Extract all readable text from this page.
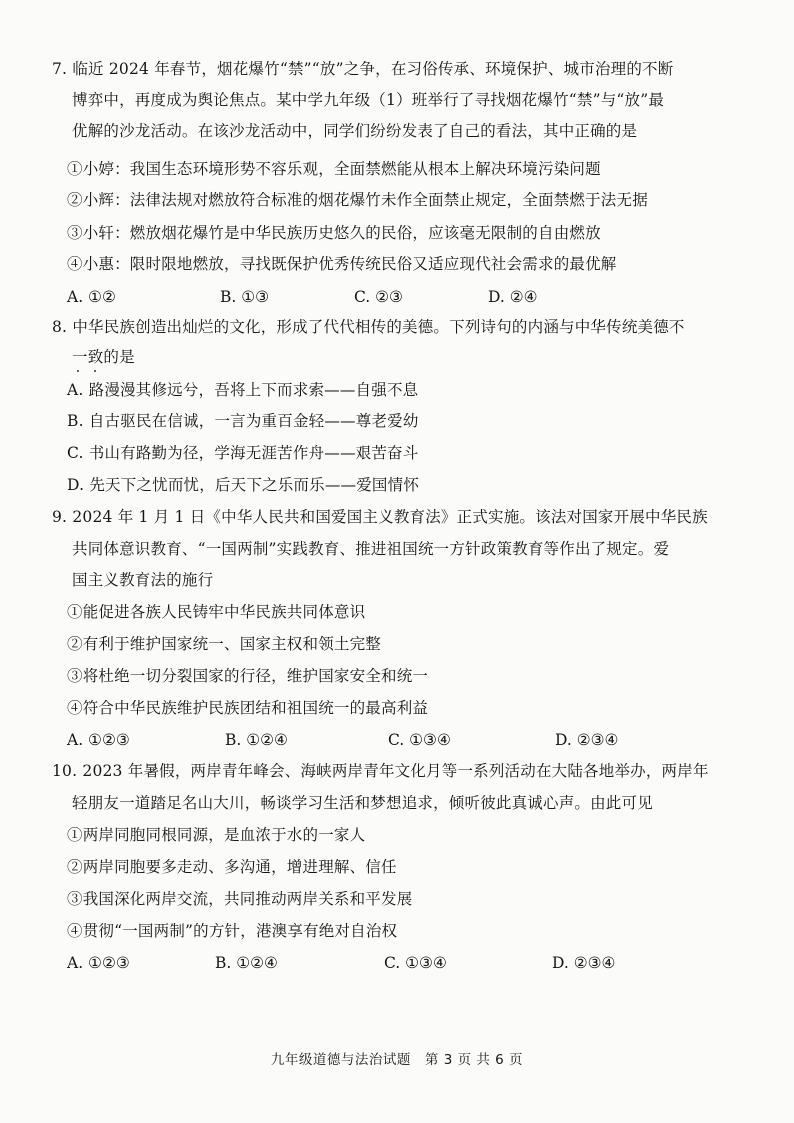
7. 临近 2024 年春节，烟花爆竹“禁”“放”之争，在习俗传承、环境保护、城市治理的不断
博弈中，再度成为舆论焦点。某中学九年级（1）班举行了寻找烟花爆竹“禁”与“放”最
优解的沙龙活动。在该沙龙活动中，同学们纷纷发表了自己的看法，其中正确的是
①小婷：我国生态环境形势不容乐观，全面禁燃能从根本上解决环境污染问题
②小辉：法律法规对燃放符合标准的烟花爆竹未作全面禁止规定，全面禁燃于法无据
③小轩：燃放烟花爆竹是中华民族历史悠久的民俗，应该毫无限制的自由燃放
④小惠：限时限地燃放，寻找既保护优秀传统民俗又适应现代社会需求的最优解
A. ①②	B. ①③	C. ②③	D. ②④
8. 中华民族创造出灿烂的文化，形成了代代相传的美德。下列诗句的内涵与中华传统美德不
一致的是
A. 路漫漫其修远兮，吾将上下而求索——自强不息
B. 自古驱民在信诚，一言为重百金轻——尊老爱幼
C. 书山有路勤为径，学海无涯苦作舟——艰苦奋斗
D. 先天下之忧而忧，后天下之乐而乐——爱国情怀
9. 2024 年 1 月 1 日《中华人民共和国爱国主义教育法》正式实施。该法对国家开展中华民族
共同体意识教育、“一国两制”实践教育、推进祖国统一方针政策教育等作出了规定。爱
国主义教育法的施行
①能促进各族人民铸牢中华民族共同体意识
②有利于维护国家统一、国家主权和领土完整
③将杜绝一切分裂国家的行径，维护国家安全和统一
④符合中华民族维护民族团结和祖国统一的最高利益
A. ①②③	B. ①②④	C. ①③④	D. ②③④
10. 2023 年暑假，两岸青年峰会、海峡两岸青年文化月等一系列活动在大陆各地举办，两岸年
轻朋友一道踏足名山大川，畅谈学习生活和梦想追求，倾听彼此真诚心声。由此可见
①两岸同胞同根同源，是血浓于水的一家人
②两岸同胞要多走动、多沟通，增进理解、信任
③我国深化两岸交流，共同推动两岸关系和平发展
④贯彻“一国两制”的方针，港澳享有绝对自治权
A. ①②③	B. ①②④	C. ①③④	D. ②③④
九年级道德与法治试题　第 3 页 共 6 页
